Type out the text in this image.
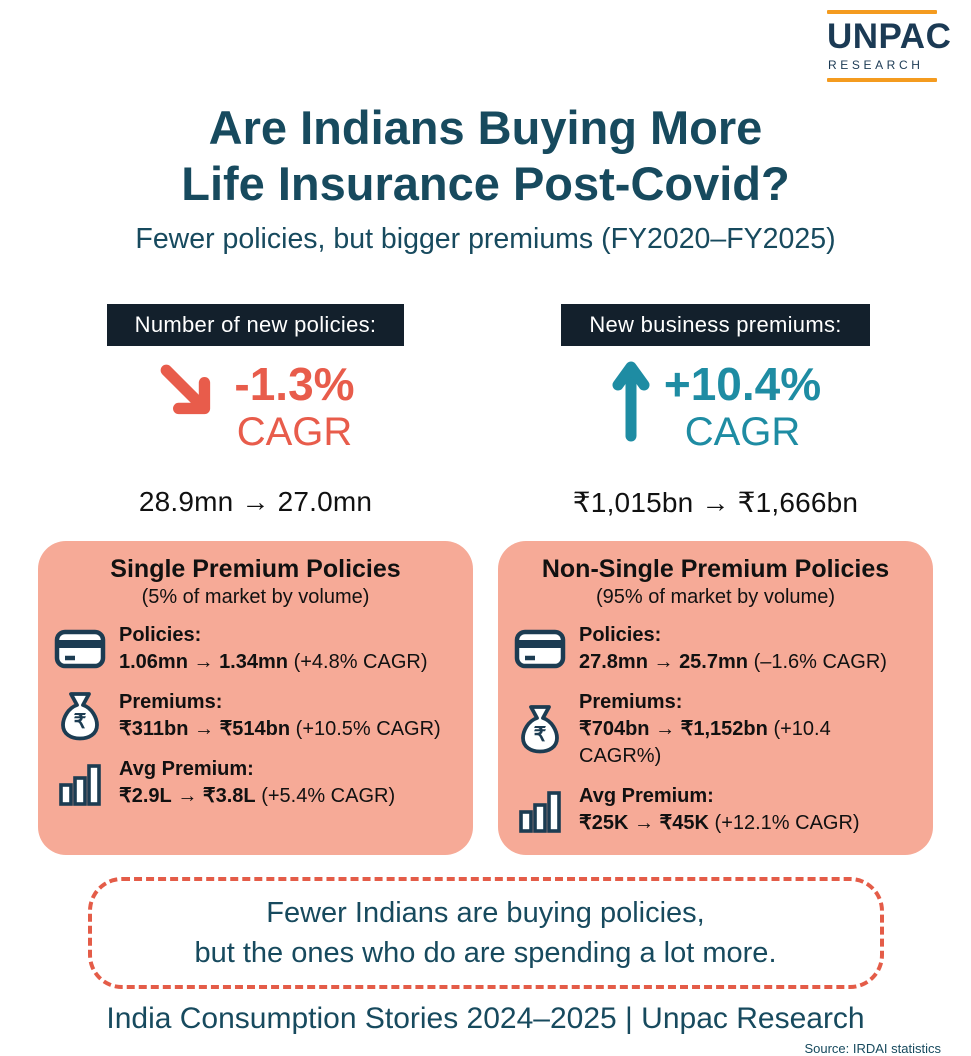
UNPAC
RESEARCH
Are Indians Buying More
Life Insurance Post-Covid?
Fewer policies, but bigger premiums (FY2020–FY2025)
Number of new policies:
-1.3%
CAGR
28.9mn → 27.0mn
New business premiums:
+10.4%
CAGR
₹1,015bn → ₹1,666bn
Single Premium Policies
(5% of market by volume)
Policies:
1.06mn → 1.34mn (+4.8% CAGR)
₹
Premiums:
₹311bn → ₹514bn (+10.5% CAGR)
Avg Premium:
₹2.9L → ₹3.8L (+5.4% CAGR)
Non-Single Premium Policies
(95% of market by volume)
Policies:
27.8mn → 25.7mn (–1.6% CAGR)
₹
Premiums:
₹704bn → ₹1,152bn (+10.4 CAGR%)
Avg Premium:
₹25K → ₹45K (+12.1% CAGR)
Fewer Indians are buying policies,
but the ones who do are spending a lot more.
India Consumption Stories 2024–2025 | Unpac Research
Source: IRDAI statistics
